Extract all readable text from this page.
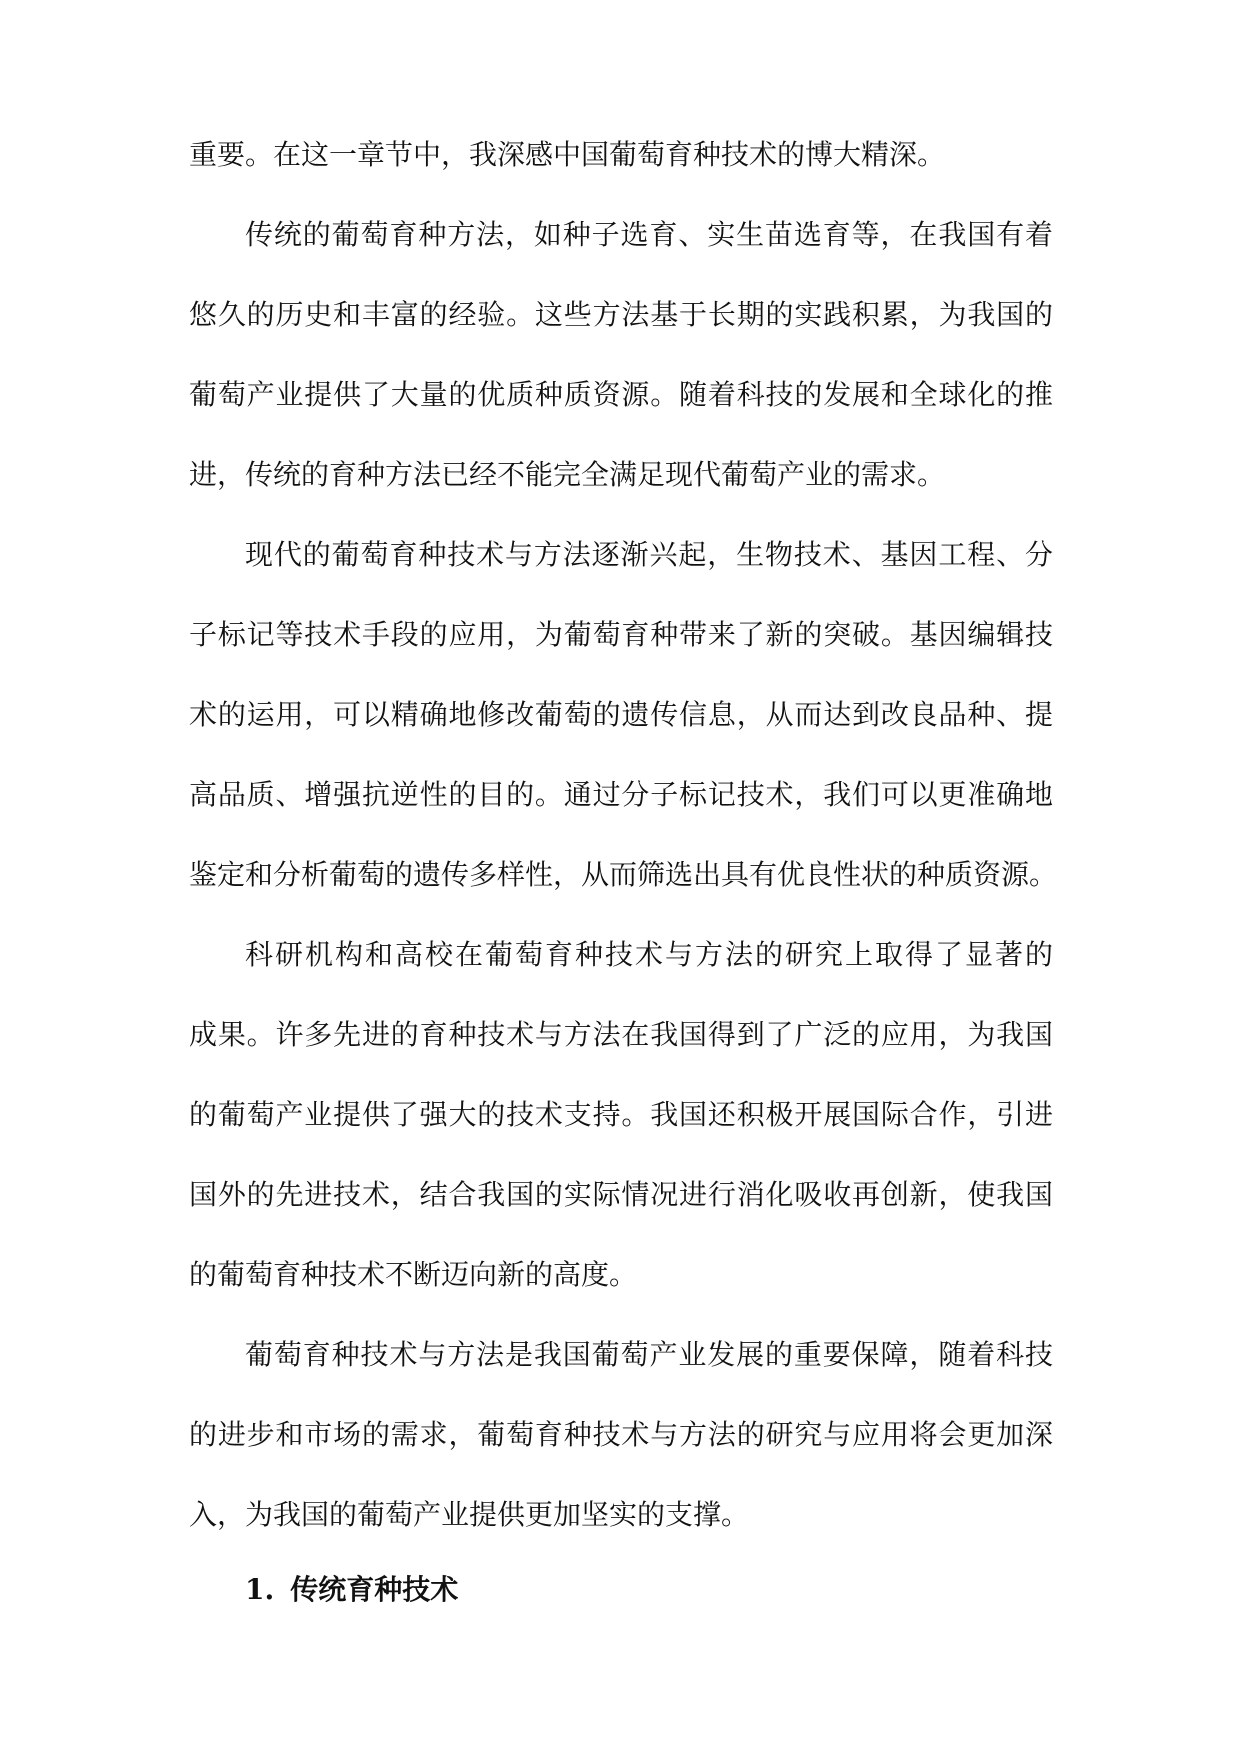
重要。在这一章节中，我深感中国葡萄育种技术的博大精深。
传统的葡萄育种方法，如种子选育、实生苗选育等，在我国有着
悠久的历史和丰富的经验。这些方法基于长期的实践积累，为我国的
葡萄产业提供了大量的优质种质资源。随着科技的发展和全球化的推
进，传统的育种方法已经不能完全满足现代葡萄产业的需求。
现代的葡萄育种技术与方法逐渐兴起，生物技术、基因工程、分
子标记等技术手段的应用，为葡萄育种带来了新的突破。基因编辑技
术的运用，可以精确地修改葡萄的遗传信息，从而达到改良品种、提
高品质、增强抗逆性的目的。通过分子标记技术，我们可以更准确地
鉴定和分析葡萄的遗传多样性，从而筛选出具有优良性状的种质资源。
科研机构和高校在葡萄育种技术与方法的研究上取得了显著的
成果。许多先进的育种技术与方法在我国得到了广泛的应用，为我国
的葡萄产业提供了强大的技术支持。我国还积极开展国际合作，引进
国外的先进技术，结合我国的实际情况进行消化吸收再创新，使我国
的葡萄育种技术不断迈向新的高度。
葡萄育种技术与方法是我国葡萄产业发展的重要保障，随着科技
的进步和市场的需求，葡萄育种技术与方法的研究与应用将会更加深
入，为我国的葡萄产业提供更加坚实的支撑。
1. 传统育种技术
